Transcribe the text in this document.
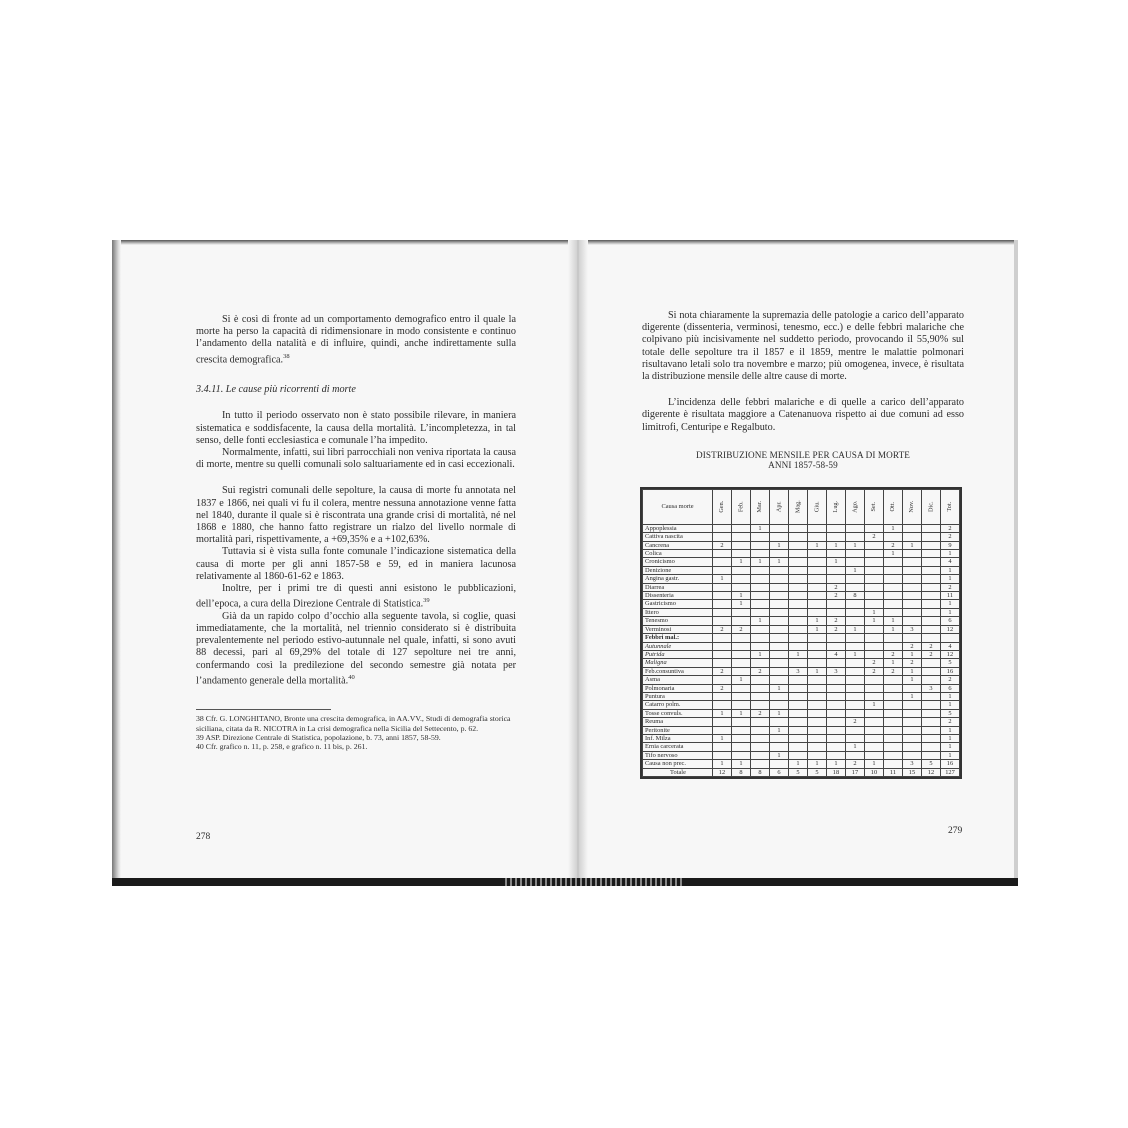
Si è così di fronte ad un comportamento demografico entro il quale la morte ha perso la capacità di ridimensionare in modo consistente e continuo l’andamento della natalità e di influire, quindi, anche indirettamente sulla crescita demografica.$^{38}$

3.4.11. Le cause più ricorrenti di morte

In tutto il periodo osservato non è stato possibile rilevare, in maniera sistematica e soddisfacente, la causa della mortalità. L’incompletezza, in tal senso, delle fonti ecclesiastica e comunale l’ha impedito.

Normalmente, infatti, sui libri parrocchiali non veniva riportata la causa di morte, mentre su quelli comunali solo saltuariamente ed in casi eccezionali.

Sui registri comunali delle sepolture, la causa di morte fu annotata nel 1837 e 1866, nei quali vi fu il colera, mentre nessuna annotazione venne fatta nel 1840, durante il quale si è riscontrata una grande crisi di mortalità, né nel 1868 e 1880, che hanno fatto registrare un rialzo del livello normale di mortalità pari, rispettivamente, a +69,35% e a +102,63%.

Tuttavia si è vista sulla fonte comunale l’indicazione sistematica della causa di morte per gli anni 1857-58 e 59, ed in maniera lacunosa relativamente al 1860-61-62 e 1863.

Inoltre, per i primi tre di questi anni esistono le pubblicazioni, dell’epoca, a cura della Direzione Centrale di Statistica.$^{39}$

Già da un rapido colpo d’occhio alla seguente tavola, si coglie, quasi immediatamente, che la mortalità, nel triennio considerato si è distribuita prevalentemente nel periodo estivo-autunnale nel quale, infatti, si sono avuti 88 decessi, pari al 69,29% del totale di 127 sepolture nei tre anni, confermando così la predilezione del secondo semestre già notata per l’andamento generale della mortalità.$^{40}$

38 Cfr. G. LONGHITANO, Bronte una crescita demografica, in AA.VV., Studi di demografia storica siciliana, citata da R. NICOTRA in La crisi demografica nella Sicilia del Settecento, p. 62.

39 ASP. Direzione Centrale di Statistica, popolazione, b. 73, anni 1857, 58-59.

40 Cfr. grafico n. 11, p. 258, e grafico n. 11 bis, p. 261.

278

Si nota chiaramente la supremazia delle patologie a carico dell’apparato digerente (dissenteria, verminosi, tenesmo, ecc.) e delle febbri malariche che colpivano più incisivamente nel suddetto periodo, provocando il 55,90% sul totale delle sepolture tra il 1857 e il 1859, mentre le malattie polmonari risultavano letali solo tra novembre e marzo; più omogenea, invece, è risultata la distribuzione mensile delle altre cause di morte.

L’incidenza delle febbri malariche e di quelle a carico dell’apparato digerente è risultata maggiore a Catenanuova rispetto ai due comuni ad esso limitrofi, Centuripe e Regalbuto.

DISTRIBUZIONE MENSILE PER CAUSA DI MORTE
ANNI 1857-58-59
Causa morte	Gen.	Feb.	Mar.	Apr.	Mag.	Giu.	Lug.	Ago.	Set.	Ott.	Nov.	Dic.	Tot.
Appoplessia			1							1			2
Cattiva nascita									2				2
Cancrena	2			1		1	1	1		2	1		9
Colica										1			1
Cronicismo		1	1	1			1						4
Denizione								1					1
Angina gastr.	1												1
Diarrea							2						2
Dissenteria		1					2	8					11
Gastricismo		1											1
Ittero									1				1
Tenesmo			1			1	2		1	1			6
Verminosi	2	2				1	2	1		1	3		12
Febbri mal.:													
Autunnale											2	2	4
Putrida			1		1		4	1		2	1	2	12
Maligna									2	1	2		5
Feb.consuntiva	2		2		3	1	3		2	2	1		16
Asma		1									1		2
Polmonaria	2			1								3	6
Puntura											1		1
Catarro polm.									1				1
Tosse convuls.	1	1	2	1									5
Reuma								2					2
Peritonite				1									1
Inf. Milza	1												1
Ernia carcerata								1					1
Tifo nervoso				1									1
Causa non prec.	1	1			1	1	1	2	1		3	5	16
Totale	12	8	8	6	5	5	18	17	10	11	15	12	127
279
